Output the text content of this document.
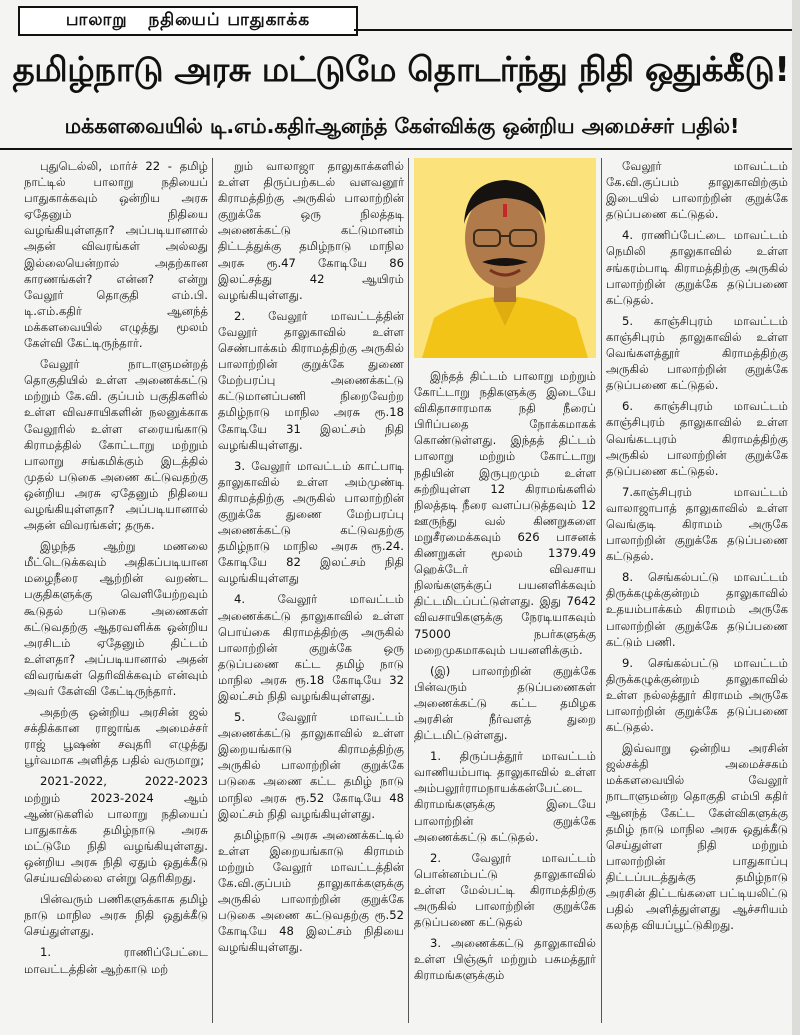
பாலாறு   நதியைப் பாதுகாக்க
தமிழ்நாடு அரசு மட்டுமே தொடர்ந்து நிதி ஒதுக்கீடு!
மக்களவையில் டி.எம்.கதிர்ஆனந்த் கேள்விக்கு ஒன்றிய அமைச்சர் பதில்!

புதுடெல்லி, மார்ச் 22 - தமிழ் நாட்டில் பாலாறு நதியைப் பாதுகாக்கவும் ஒன்றிய அரசு ஏதேனும் நிதியை வழங்கியுள்ளதா? அப்படியானால் அதன் விவரங்கள் அல்லது இல்லையென்றால் அதற்கான காரணங்கள்? என்ன? என்று வேலூர் தொகுதி எம்.பி. டி.எம்.கதிர் ஆனந்த் மக்களவையில் எழுத்து மூலம் கேள்வி கேட்டிருந்தார்.

வேலூர் நாடாளுமன்றத் தொகுதியில் உள்ள அணைக்கட்டு மற்றும் கே.வி. குப்பம் பகுதிகளில் உள்ள விவசாயிகளின் நலனுக்காக வேலூரில் உள்ள எரையங்காடு கிராமத்தில் கோட்டாறு மற்றும் பாலாறு சங்கமிக்கும் இடத்தில் முதல் படுகை அணை கட்டுவதற்கு ஒன்றிய அரசு ஏதேனும் நிதியை வழங்கியுள்ளதா? அப்படியானால் அதன் விவரங்கள்; தருக.

இழந்த ஆற்று மணலை மீட்டெடுக்கவும் அதிகப்படியான மழைநீரை ஆற்றின் வறண்ட பகுதிகளுக்கு வெளியேற்றவும் கூடுதல் படுகை அணைகள் கட்டுவதற்கு ஆதரவளிக்க ஒன்றிய அரசிடம் ஏதேனும் திட்டம் உள்ளதா? அப்படியானால் அதன் விவரங்கள் தெரிவிக்கவும் என்வும் அவர் கேள்வி கேட்டிருந்தார்.

அதற்கு ஒன்றிய அரசின் ஜல் சக்திக்கான ராஜாங்க அமைச்சர் ராஜ் பூஷண் சவுதரி எழுத்து பூர்வமாக அளித்த பதில் வருமாறு;

2021-2022, 2022-2023 மற்றும் 2023-2024 ஆம் ஆண்டுகளில் பாலாறு நதியைப் பாதுகாக்க தமிழ்நாடு அரசு மட்டுமே நிதி வழங்கியுள்ளது. ஒன்றிய அரசு நிதி ஏதும் ஒதுக்கீடு செய்யவில்லை என்று தெரிகிறது.

பின்வரும் பணிகளுக்காக தமிழ் நாடு மாநில அரசு நிதி ஒதுக்கீடு செய்துள்ளது.

1. ராணிப்பேட்டை மாவட்டத்தின் ஆற்காடு மற்

றும் வாலாஜா தாலுகாக்களில் உள்ள திருப்பற்கடல் வளவனூர் கிராமத்திற்கு அருகில் பாலாற்றின் குறுக்கே ஒரு நிலத்தடி அணைக்கட்டு கட்டுமானம் திட்டத்துக்கு தமிழ்நாடு மாநில அரசு ரூ.47 கோடியே 86 இலட்சத்து 42 ஆயிரம் வழங்கியுள்ளது.

2. வேலூர் மாவட்டத்தின் வேலூர் தாலுகாவில் உள்ள செண்பாக்கம் கிராமத்திற்கு அருகில் பாலாற்றின் குறுக்கே துணை மேற்பரப்பு அணைக்கட்டு கட்டுமானப்பணி நிறைவேற்ற தமிழ்நாடு மாநில அரசு ரூ.18 கோடியே 31 இலட்சம் நிதி வழங்கியுள்ளது.

3. வேலூர் மாவட்டம் காட்பாடி தாலுகாவில் உள்ள அம்முண்டி கிராமத்திற்கு அருகில் பாலாற்றின் குறுக்கே துணை மேற்பரப்பு அணைக்கட்டு கட்டுவதற்கு தமிழ்நாடு மாநில அரசு ரூ.24. கோடியே 82 இலட்சம் நிதி வழங்கியுள்ளது

4. வேலூர் மாவட்டம் அணைக்கட்டு தாலுகாவில் உள்ள பொய்கை கிராமத்திற்கு அருகில் பாலாற்றின் குறுக்கே ஒரு தடுப்பணை கட்ட தமிழ் நாடு மாநில அரசு ரூ.18 கோடியே 32 இலட்சம் நிதி வழங்கியுள்ளது.

5. வேலூர் மாவட்டம் அணைக்கட்டு தாலுகாவில் உள்ள இறையங்காடு கிராமத்திற்கு அருகில் பாலாற்றின் குறுக்கே படுகை அணை கட்ட தமிழ் நாடு மாநில அரசு ரூ.52 கோடியே 48 இலட்சம் நிதி வழங்கியுள்ளது.

தமிழ்நாடு அரசு அணைக்கட்டில் உள்ள இறையங்காடு கிராமம் மற்றும் வேலூர் மாவட்டத்தின் கே.வி.குப்பம் தாலுகாக்களுக்கு அருகில் பாலாற்றின் குறுக்கே படுகை அணை கட்டுவதற்கு ரூ.52 கோடியே 48 இலட்சம் நிதியை வழங்கியுள்ளது.

இந்தத் திட்டம் பாலாறு மற்றும் கோட்டாறு நதிகளுக்கு இடையே விகிதாசாரமாக நதி நீரைப் பிரிப்பதை நோக்கமாகக் கொண்டுள்ளது. இந்தத் திட்டம் பாலாறு மற்றும் கோட்டாறு நதியின் இருபுறமும் உள்ள சுற்றியுள்ள 12 கிராமங்களில் நிலத்தடி நீரை வளப்படுத்தவும் 12 ஊருந்து வல் கிணறுகளை மறுசீரமைக்கவும் 626 பாசனக் கிணறுகள் மூலம் 1379.49 ஹெக்டேர் விவசாய நிலங்களுக்குப் பயனளிக்கவும் திட்டமிடப்பட்டுள்ளது. இது 7642 விவசாயிகளுக்கு நேரடியாகவும் 75000 நபர்களுக்கு மறைமுகமாகவும் பயனளிக்கும்.

(இ) பாலாற்றின் குறுக்கே பின்வரும் தடுப்பணைகள் அணைக்கட்டு கட்ட தமிழக அரசின் நீர்வளத் துறை திட்டமிட்டுள்ளது.

1. திருப்பத்தூர் மாவட்டம் வாணியம்பாடி தாலுகாவில் உள்ள அம்பலூர்ராமநாயக்கன்பேட்டை கிராமங்களுக்கு இடையே பாலாற்றின் குறுக்கே அணைக்கட்டு கட்டுதல்.

2. வேலூர் மாவட்டம் பொன்னம்பட்டு தாலுகாவில் உள்ள மேல்பட்டி கிராமத்திற்கு அருகில் பாலாற்றின் குறுக்கே தடுப்பணை கட்டுதல்

3. அணைக்கட்டு தாலுகாவில் உள்ள பிஞ்சூர் மற்றும் பசுமத்தூர் கிராமங்களுக்கும்

வேலூர் மாவட்டம் கே.வி.குப்பம் தாலுகாவிற்கும் இடையில் பாலாற்றின் குறுக்கே தடுப்பணை கட்டுதல்.

4. ராணிப்பேட்டை மாவட்டம் நெமிலி தாலுகாவில் உள்ள சங்கரம்பாடி கிராமத்திற்கு அருகில் பாலாற்றின் குறுக்கே தடுப்பணை கட்டுதல்.

5. காஞ்சிபுரம் மாவட்டம் காஞ்சிபுரம் தாலுகாவில் உள்ள வெங்களத்தூர் கிராமத்திற்கு அருகில் பாலாற்றின் குறுக்கே தடுப்பணை கட்டுதல்.

6. காஞ்சிபுரம் மாவட்டம் காஞ்சிபுரம் தாலுகாவில் உள்ள வெங்கடபுரம் கிராமத்திற்கு அருகில் பாலாற்றின் குறுக்கே தடுப்பணை கட்டுதல்.

7.காஞ்சிபுரம் மாவட்டம் வாலாஜாபாத் தாலுகாவில் உள்ள வெங்குடி கிராமம் அருகே பாலாற்றின் குறுக்கே தடுப்பணை கட்டுதல்.

8. செங்கல்பட்டு மாவட்டம் திருக்கழுக்குன்றம் தாலுகாவில் உதயம்பாக்கம் கிராமம் அருகே பாலாற்றின் குறுக்கே தடுப்பணை கட்டும் பணி.

9. செங்கல்பட்டு மாவட்டம் திருக்கழுக்குன்றம் தாலுகாவில் உள்ள நல்லத்தூர் கிராமம் அருகே பாலாற்றின் குறுக்கே தடுப்பணை கட்டுதல்.

இவ்வாறு ஒன்றிய அரசின் ஜல்சக்தி அமைச்சகம் மக்களவையில் வேலூர் நாடாளுமன்ற தொகுதி எம்பி கதிர் ஆனந்த் கேட்ட கேள்விகளுக்கு தமிழ் நாடு மாநில அரசு ஒதுக்கீடு செய்துள்ள நிதி மற்றும் பாலாற்றின் பாதுகாப்பு திட்டப்படத்துக்கு தமிழ்நாடு அரசின் திட்டங்களை பட்டியலிட்டு பதில் அளித்துள்ளது ஆச்சரியம் கலந்த வியப்பூட்டுகிறது.
